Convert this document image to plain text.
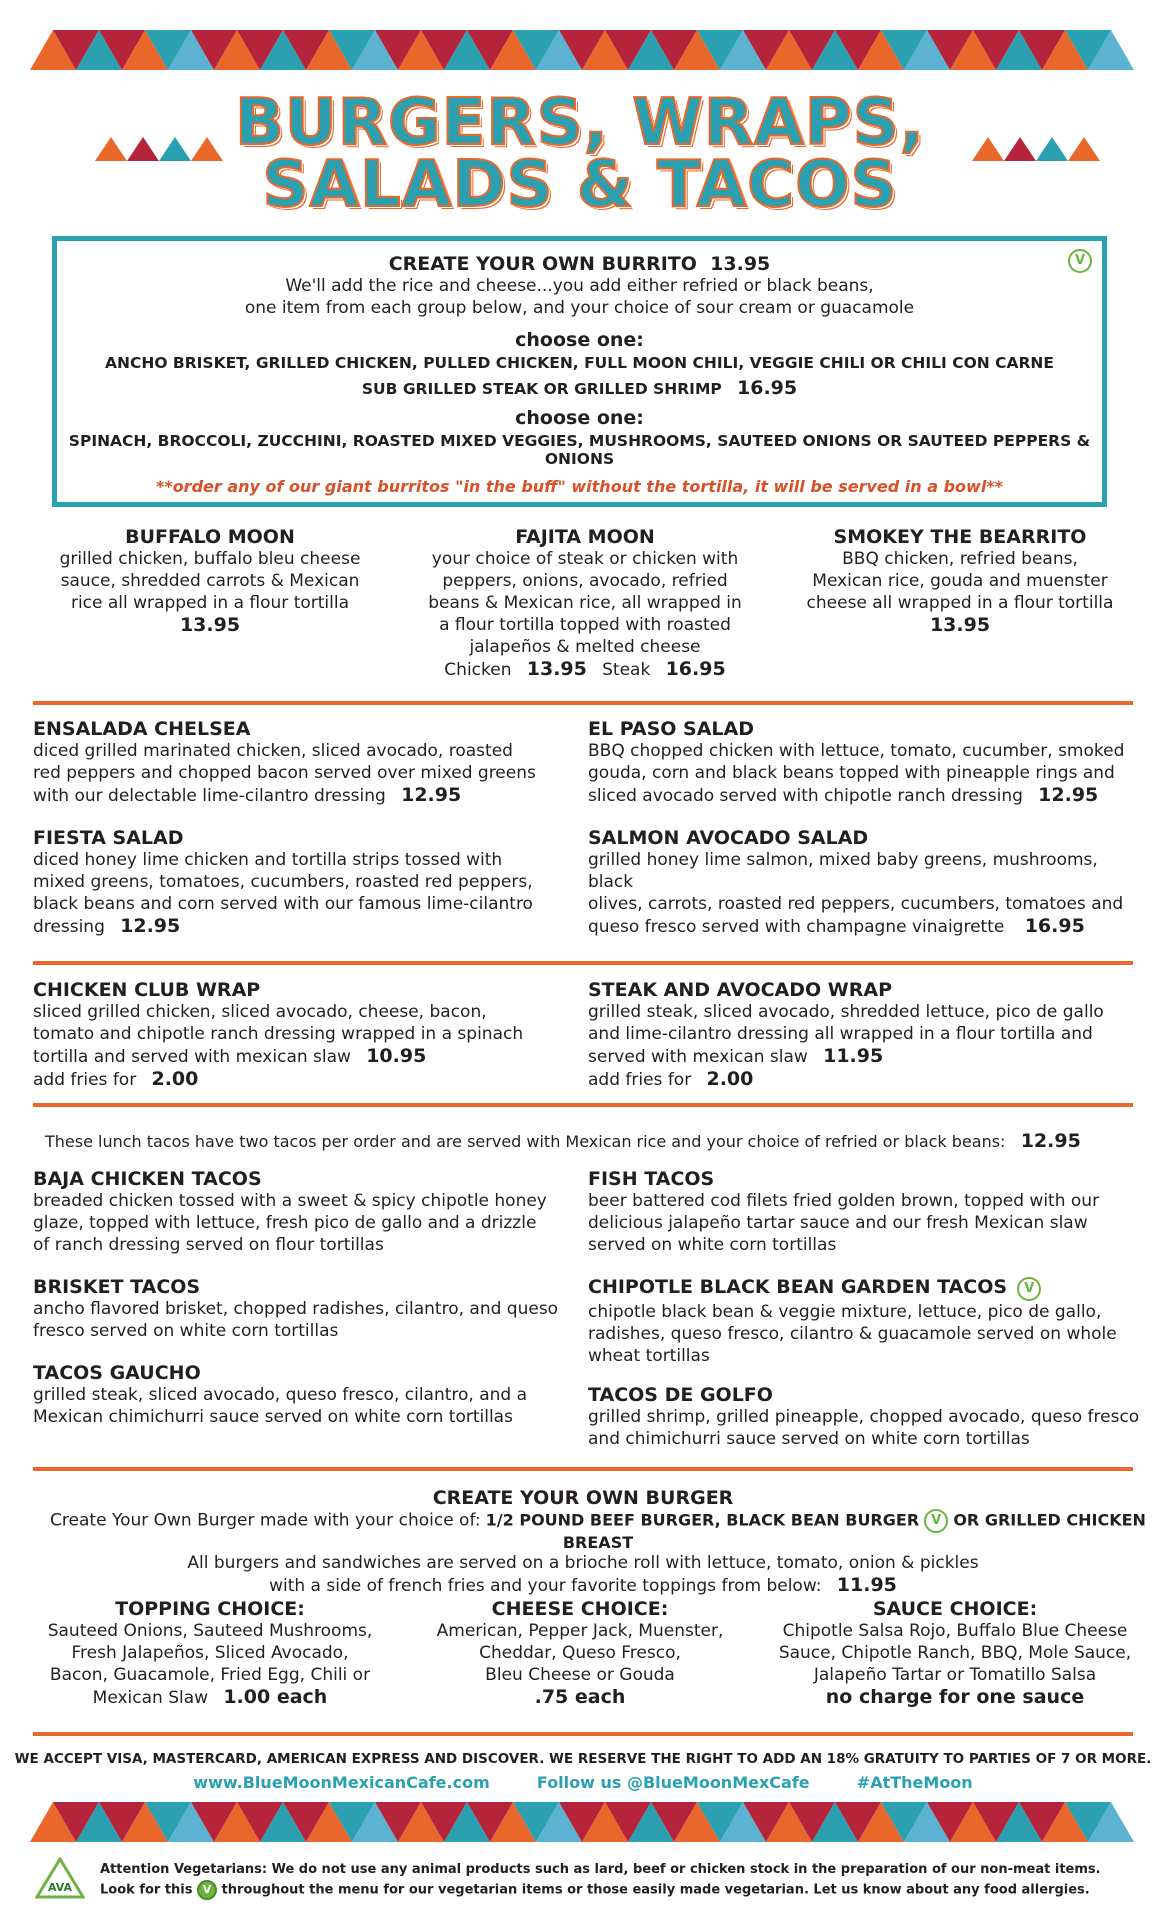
BURGERS, WRAPS,
SALADS & TACOS
V
CREATE YOUR OWN BURRITO 13.95
We'll add the rice and cheese...you add either refried or black beans,
one item from each group below, and your choice of sour cream or guacamole
choose one:
ANCHO BRISKET, GRILLED CHICKEN, PULLED CHICKEN, FULL MOON CHILI, VEGGIE CHILI OR CHILI CON CARNE
SUB GRILLED STEAK OR GRILLED SHRIMP 16.95
choose one:
SPINACH, BROCCOLI, ZUCCHINI, ROASTED MIXED VEGGIES, MUSHROOMS, SAUTEED ONIONS OR SAUTEED PEPPERS & ONIONS
**order any of our giant burritos "in the buff" without the tortilla, it will be served in a bowl**
BUFFALO MOON
grilled chicken, buffalo bleu cheese
sauce, shredded carrots & Mexican
rice all wrapped in a flour tortilla
13.95
FAJITA MOON
your choice of steak or chicken with
peppers, onions, avocado, refried
beans & Mexican rice, all wrapped in
a flour tortilla topped with roasted
jalapeños & melted cheese
Chicken 13.95 Steak 16.95
SMOKEY THE BEARRITO
BBQ chicken, refried beans,
Mexican rice, gouda and muenster
cheese all wrapped in a flour tortilla
13.95
ENSALADA CHELSEA
diced grilled marinated chicken, sliced avocado, roasted
red peppers and chopped bacon served over mixed greens
with our delectable lime-cilantro dressing 12.95
EL PASO SALAD
BBQ chopped chicken with lettuce, tomato, cucumber, smoked
gouda, corn and black beans topped with pineapple rings and
sliced avocado served with chipotle ranch dressing 12.95
FIESTA SALAD
diced honey lime chicken and tortilla strips tossed with
mixed greens, tomatoes, cucumbers, roasted red peppers,
black beans and corn served with our famous lime-cilantro
dressing 12.95
SALMON AVOCADO SALAD
grilled honey lime salmon, mixed baby greens, mushrooms, black
olives, carrots, roasted red peppers, cucumbers, tomatoes and
queso fresco served with champagne vinaigrette 16.95
CHICKEN CLUB WRAP
sliced grilled chicken, sliced avocado, cheese, bacon,
tomato and chipotle ranch dressing wrapped in a spinach
tortilla and served with mexican slaw 10.95
add fries for 2.00
STEAK AND AVOCADO WRAP
grilled steak, sliced avocado, shredded lettuce, pico de gallo
and lime-cilantro dressing all wrapped in a flour tortilla and
served with mexican slaw 11.95
add fries for 2.00
These lunch tacos have two tacos per order and are served with Mexican rice and your choice of refried or black beans: 12.95
BAJA CHICKEN TACOS
breaded chicken tossed with a sweet & spicy chipotle honey
glaze, topped with lettuce, fresh pico de gallo and a drizzle
of ranch dressing served on flour tortillas
FISH TACOS
beer battered cod filets fried golden brown, topped with our
delicious jalapeño tartar sauce and our fresh Mexican slaw
served on white corn tortillas
BRISKET TACOS
ancho flavored brisket, chopped radishes, cilantro, and queso
fresco served on white corn tortillas
CHIPOTLE BLACK BEAN GARDEN TACOS V
chipotle black bean & veggie mixture, lettuce, pico de gallo,
radishes, queso fresco, cilantro & guacamole served on whole
wheat tortillas
TACOS GAUCHO
grilled steak, sliced avocado, queso fresco, cilantro, and a
Mexican chimichurri sauce served on white corn tortillas
TACOS DE GOLFO
grilled shrimp, grilled pineapple, chopped avocado, queso fresco
and chimichurri sauce served on white corn tortillas
CREATE YOUR OWN BURGER
Create Your Own Burger made with your choice of: 1/2 POUND BEEF BURGER, BLACK BEAN BURGER V OR GRILLED CHICKEN BREAST
All burgers and sandwiches are served on a brioche roll with lettuce, tomato, onion & pickles
with a side of french fries and your favorite toppings from below: 11.95
TOPPING CHOICE:
Sauteed Onions, Sauteed Mushrooms,
Fresh Jalapeños, Sliced Avocado,
Bacon, Guacamole, Fried Egg, Chili or
Mexican Slaw 1.00 each
CHEESE CHOICE:
American, Pepper Jack, Muenster,
Cheddar, Queso Fresco,
Bleu Cheese or Gouda
.75 each
SAUCE CHOICE:
Chipotle Salsa Rojo, Buffalo Blue Cheese
Sauce, Chipotle Ranch, BBQ, Mole Sauce,
Jalapeño Tartar or Tomatillo Salsa
no charge for one sauce
WE ACCEPT VISA, MASTERCARD, AMERICAN EXPRESS AND DISCOVER. WE RESERVE THE RIGHT TO ADD AN 18% GRATUITY TO PARTIES OF 7 OR MORE.
www.BlueMoonMexicanCafe.com	Follow us @BlueMoonMexCafe	#AtTheMoon
AVA
Attention Vegetarians: We do not use any animal products such as lard, beef or chicken stock in the preparation of our non-meat items.
Look for this V throughout the menu for our vegetarian items or those easily made vegetarian. Let us know about any food allergies.
